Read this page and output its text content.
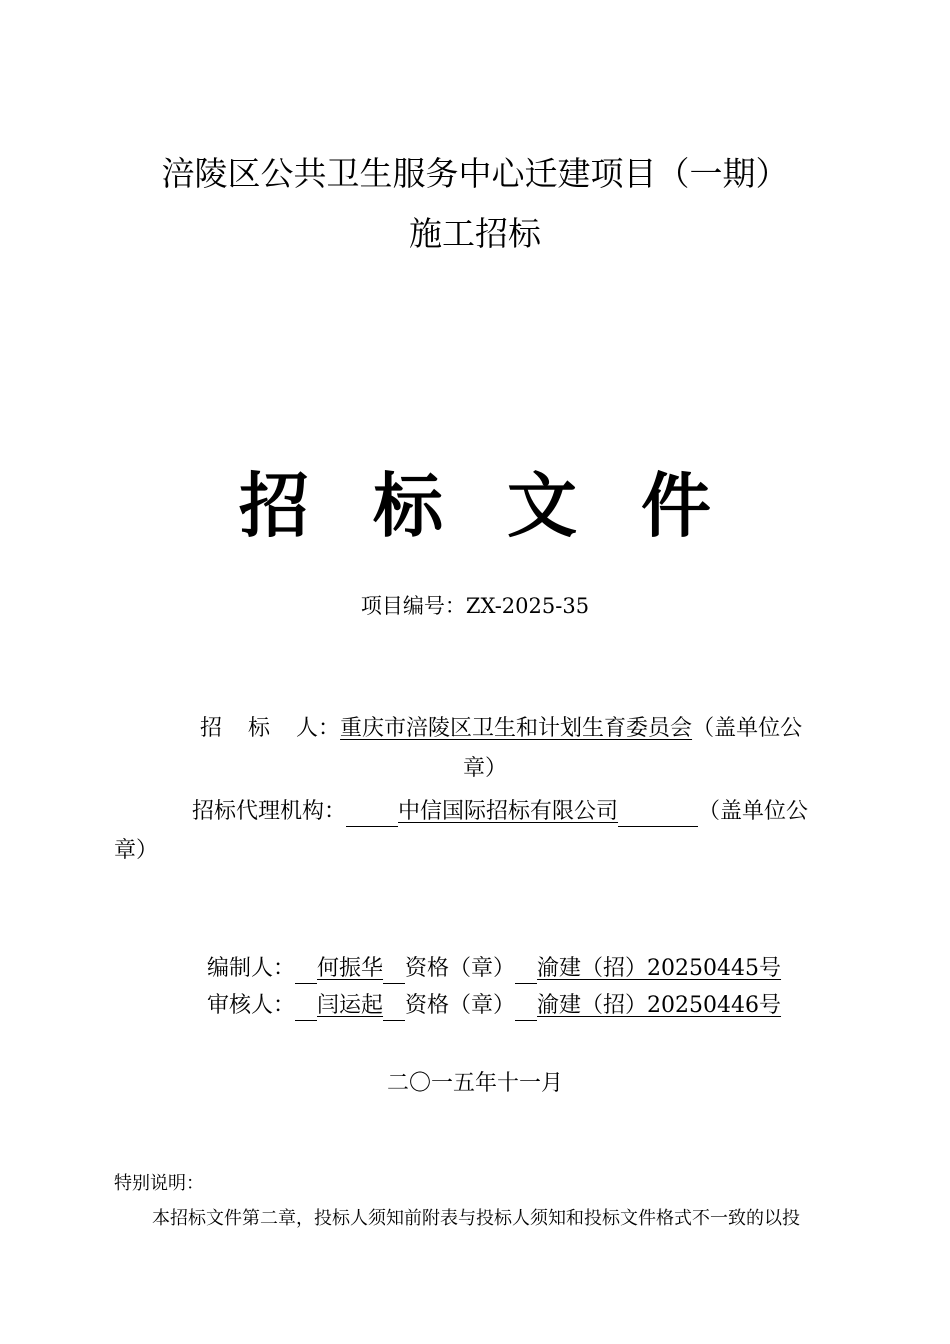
涪陵区公共卫生服务中心迁建项目（一期）
施工招标
招标文件
项目编号：ZX-2025-35
招 标 人：重庆市涪陵区卫生和计划生育委员会（盖单位公
章）
招标代理机构： 中信国际招标有限公司	（盖单位公
章）
编制人： 何振华 资格（章） 渝建（招）20250445号
审核人： 闫运起 资格（章） 渝建（招）20250446号
二〇一五年十一月
特别说明：
本招标文件第二章，投标人须知前附表与投标人须知和投标文件格式不一致的以投
